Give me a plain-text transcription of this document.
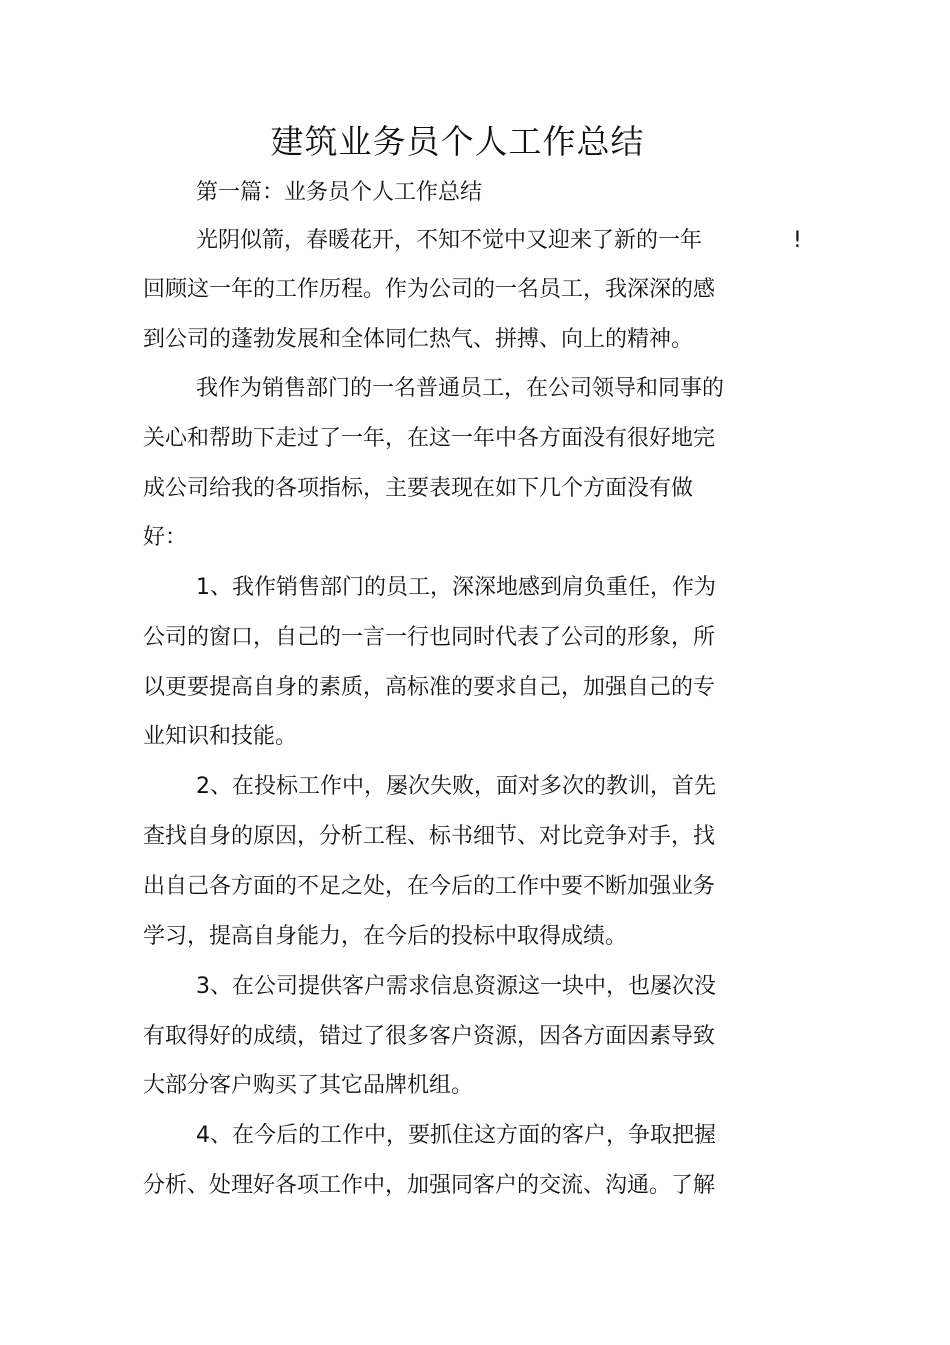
建筑业务员个人工作总结
第一篇：业务员个人工作总结
!
光阴似箭，春暖花开，不知不觉中又迎来了新的一年
回顾这一年的工作历程。作为公司的一名员工，我深深的感
到公司的蓬勃发展和全体同仁热气、拼搏、向上的精神。
我作为销售部门的一名普通员工，在公司领导和同事的
关心和帮助下走过了一年，在这一年中各方面没有很好地完
成公司给我的各项指标，主要表现在如下几个方面没有做
好：
1、我作销售部门的员工，深深地感到肩负重任，作为
公司的窗口，自己的一言一行也同时代表了公司的形象，所
以更要提高自身的素质，高标准的要求自己，加强自己的专
业知识和技能。
2、在投标工作中，屡次失败，面对多次的教训，首先
查找自身的原因，分析工程、标书细节、对比竞争对手，找
出自己各方面的不足之处，在今后的工作中要不断加强业务
学习，提高自身能力，在今后的投标中取得成绩。
3、在公司提供客户需求信息资源这一块中，也屡次没
有取得好的成绩，错过了很多客户资源，因各方面因素导致
大部分客户购买了其它品牌机组。
4、在今后的工作中，要抓住这方面的客户，争取把握
分析、处理好各项工作中，加强同客户的交流、沟通。了解
